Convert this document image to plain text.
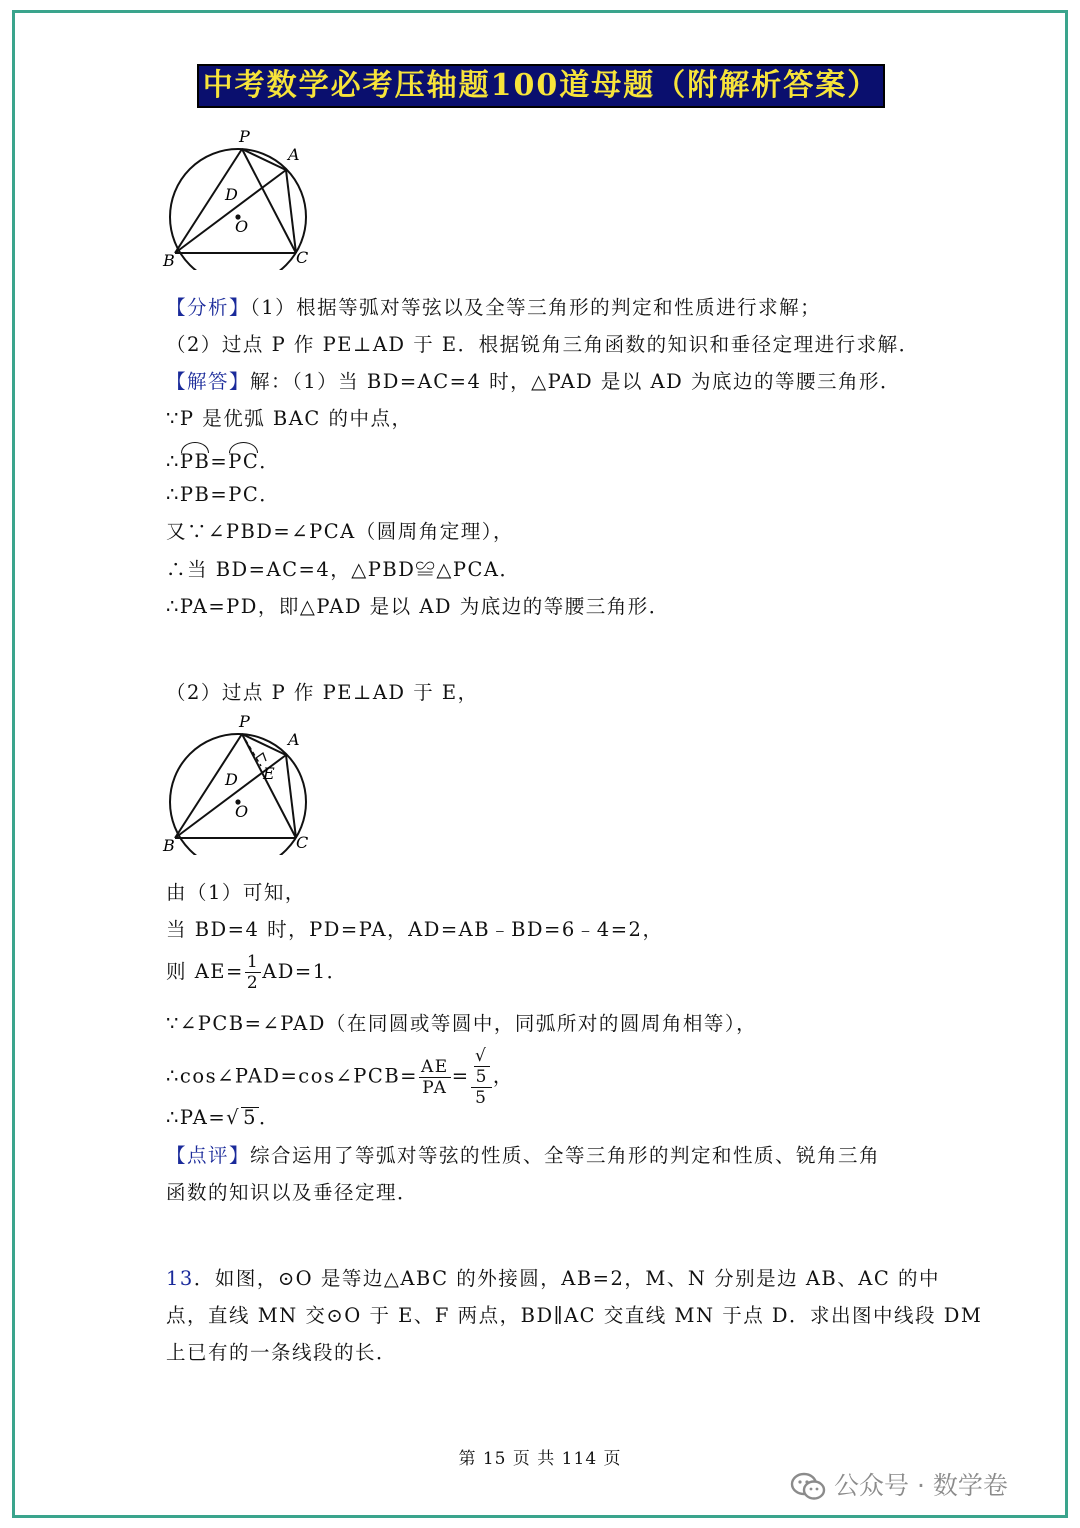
中考数学必考压轴题100道母题（附解析答案）
P
A
D
O
B	C
【分析】（1）根据等弧对等弦以及全等三角形的判定和性质进行求解；
（2）过点 P 作 PE⊥AD 于 E．根据锐角三角函数的知识和垂径定理进行求解．
【解答】解：（1）当 BD=AC=4 时，△PAD 是以 AD 为底边的等腰三角形．
∵P 是优弧 BAC 的中点，
∴PB=PC．
∴PB=PC．
又∵∠PBD=∠PCA（圆周角定理），
∴当 BD=AC=4，△PBD≌△PCA．
∴PA=PD，即△PAD 是以 AD 为底边的等腰三角形．
（2）过点 P 作 PE⊥AD 于 E，
P
A
D E
O
B	C
由（1）可知，
当 BD=4 时，PD=PA，AD=AB﹣BD=6﹣4=2，
则 $AE= \frac{1}{2} AD=1$．
∵∠PCB=∠PAD（在同圆或等圆中，同弧所对的圆周角相等），
∴cos∠PAD=cos∠PCB= $\frac{AE}{PA}$ = √
5
5 ，
∴PA=√ 5 ．
【点评】综合运用了等弧对等弦的性质、全等三角形的判定和性质、锐角三角
函数的知识以及垂径定理．
13．如图，⊙O 是等边△ABC 的外接圆，AB=2，M、N 分别是边 AB、AC 的中
点，直线 MN 交⊙O 于 E、F 两点，BD∥AC 交直线 MN 于点 D．求出图中线段 DM
上已有的一条线段的长．
第 15 页 共 114 页
公众号 · 数学卷
